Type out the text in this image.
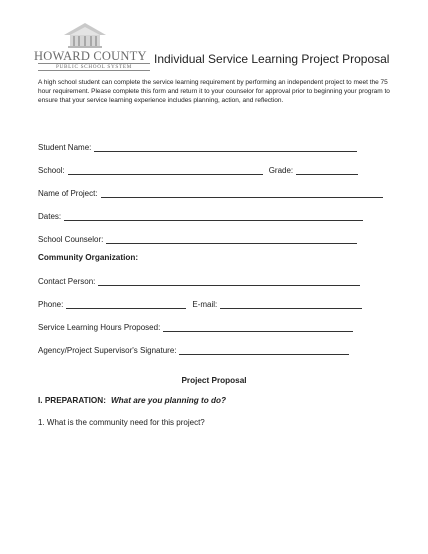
HOWARD COUNTY
PUBLIC SCHOOL SYSTEM
Individual Service Learning Project Proposal
A high school student can complete the service learning requirement by performing an independent project to meet the 75 hour requirement. Please complete this form and return it to your counselor for approval prior to beginning your program to ensure that your service learning experience includes planning, action, and reflection.
Student Name:
School:	Grade:
Name of Project:
Dates:
School Counselor:
Community Organization:
Contact Person:
Phone:	E-mail:
Service Learning Hours Proposed:
Agency/Project Supervisor's Signature:
Project Proposal
I. PREPARATION: What are you planning to do?
1. What is the community need for this project?
